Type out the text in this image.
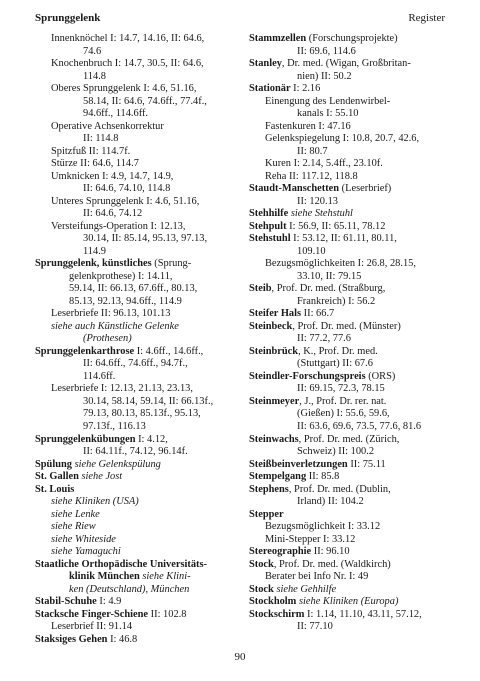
Sprunggelenk	Register
Innenknöchel I: 14.7, 14.16, II: 64.6,
74.6
Knochenbruch I: 14.7, 30.5, II: 64.6,
114.8
Oberes Sprunggelenk I: 4.6, 51.16,
58.14, II: 64.6, 74.6ff., 77.4f.,
94.6ff., 114.6ff.
Operative Achsenkorrektur
II: 114.8
Spitzfuß II: 114.7f.
Stürze II: 64.6, 114.7
Umknicken I: 4.9, 14.7, 14.9,
II: 64.6, 74.10, 114.8
Unteres Sprunggelenk I: 4.6, 51.16,
II: 64.6, 74.12
Versteifungs-Operation I: 12.13,
30.14, II: 85.14, 95.13, 97.13,
114.9
Sprunggelenk, künstliches (Sprung-
gelenkprothese) I: 14.11,
59.14, II: 66.13, 67.6ff., 80.13,
85.13, 92.13, 94.6ff., 114.9
Leserbriefe II: 96.13, 101.13
siehe auch Künstliche Gelenke
(Prothesen)
Sprunggelenkarthrose I: 4.6ff., 14.6ff.,
II: 64.6ff., 74.6ff., 94.7f.,
114.6ff.
Leserbriefe I: 12.13, 21.13, 23.13,
30.14, 58.14, 59.14, II: 66.13f.,
79.13, 80.13, 85.13f., 95.13,
97.13f., 116.13
Sprunggelenkübungen I: 4.12,
II: 64.11f., 74.12, 96.14f.
Spülung siehe Gelenkspülung
St. Gallen siehe Jost
St. Louis
siehe Kliniken (USA)
siehe Lenke
siehe Riew
siehe Whiteside
siehe Yamaguchi
Staatliche Orthopädische Universitäts-
klinik München siehe Klini-
ken (Deutschland), München
Stabil-Schuhe I: 4.9
Stacksche Finger-Schiene II: 102.8
Leserbrief II: 91.14
Staksiges Gehen I: 46.8
Stammzellen (Forschungsprojekte)
II: 69.6, 114.6
Stanley, Dr. med. (Wigan, Großbritan-
nien) II: 50.2
Stationär I: 2.16
Einengung des Lendenwirbel-
kanals I: 55.10
Fastenkuren I: 47.16
Gelenkspiegelung I: 10.8, 20.7, 42.6,
II: 80.7
Kuren I: 2.14, 5.4ff., 23.10f.
Reha II: 117.12, 118.8
Staudt-Manschetten (Leserbrief)
II: 120.13
Stehhilfe siehe Stehstuhl
Stehpult I: 56.9, II: 65.11, 78.12
Stehstuhl I: 53.12, II: 61.11, 80.11,
109.10
Bezugsmöglichkeiten I: 26.8, 28.15,
33.10, II: 79.15
Steib, Prof. Dr. med. (Straßburg,
Frankreich) I: 56.2
Steifer Hals II: 66.7
Steinbeck, Prof. Dr. med. (Münster)
II: 77.2, 77.6
Steinbrück, K., Prof. Dr. med.
(Stuttgart) II: 67.6
Steindler-Forschungspreis (ORS)
II: 69.15, 72.3, 78.15
Steinmeyer, J., Prof. Dr. rer. nat.
(Gießen) I: 55.6, 59.6,
II: 63.6, 69.6, 73.5, 77.6, 81.6
Steinwachs, Prof. Dr. med. (Zürich,
Schweiz) II: 100.2
Steißbeinverletzungen II: 75.11
Stempelgang II: 85.8
Stephens, Prof. Dr. med. (Dublin,
Irland) II: 104.2
Stepper
Bezugsmöglichkeit I: 33.12
Mini-Stepper I: 33.12
Stereographie II: 96.10
Stock, Prof. Dr. med. (Waldkirch)
Berater bei Info Nr. I: 49
Stock siehe Gehhilfe
Stockholm siehe Kliniken (Europa)
Stockschirm I: 1.14, 11.10, 43.11, 57.12,
II: 77.10
90
